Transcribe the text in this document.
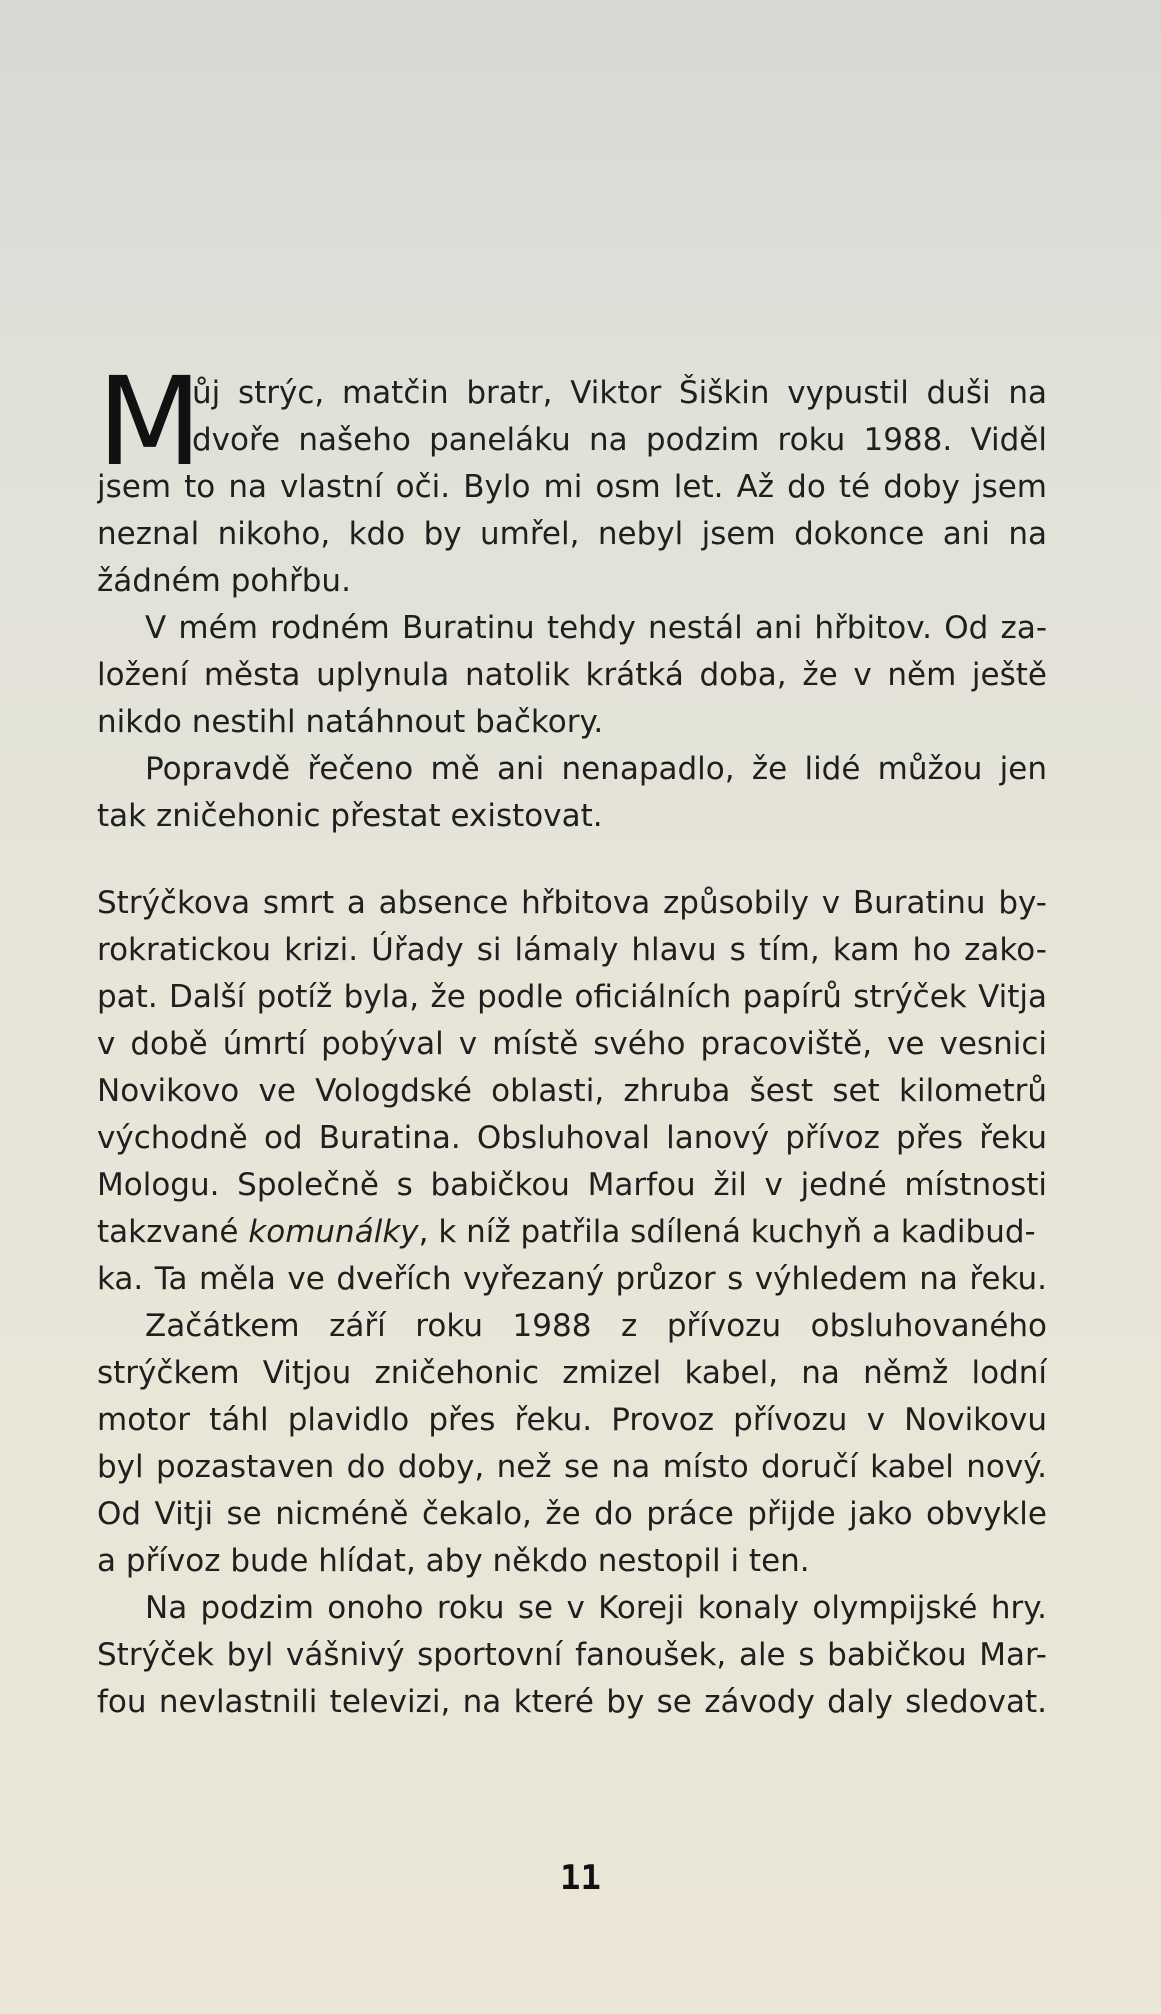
M
ůj strýc, matčin bratr, Viktor Šiškin vypustil duši na
dvoře našeho paneláku na podzim roku 1988. Viděl
jsem to na vlastní oči. Bylo mi osm let. Až do té doby jsem
neznal nikoho, kdo by umřel, nebyl jsem dokonce ani na
žádném pohřbu.
V mém rodném Buratinu tehdy nestál ani hřbitov. Od za-
ložení města uplynula natolik krátká doba, že v něm ještě
nikdo nestihl natáhnout bačkory.
Popravdě řečeno mě ani nenapadlo, že lidé můžou jen
tak zničehonic přestat existovat.
Strýčkova smrt a absence hřbitova způsobily v Buratinu by-
rokratickou krizi. Úřady si lámaly hlavu s tím, kam ho zako-
pat. Další potíž byla, že podle oficiálních papírů strýček Vitja
v době úmrtí pobýval v místě svého pracoviště, ve vesnici
Novikovo ve Vologdské oblasti, zhruba šest set kilometrů
východně od Buratina. Obsluhoval lanový přívoz přes řeku
Mologu. Společně s babičkou Marfou žil v jedné místnosti
takzvané komunálky, k níž patřila sdílená kuchyň a kadibud-
ka. Ta měla ve dveřích vyřezaný průzor s výhledem na řeku.
Začátkem září roku 1988 z přívozu obsluhovaného
strýčkem Vitjou zničehonic zmizel kabel, na němž lodní
motor táhl plavidlo přes řeku. Provoz přívozu v Novikovu
byl pozastaven do doby, než se na místo doručí kabel nový.
Od Vitji se nicméně čekalo, že do práce přijde jako obvykle
a přívoz bude hlídat, aby někdo nestopil i ten.
Na podzim onoho roku se v Koreji konaly olympijské hry.
Strýček byl vášnivý sportovní fanoušek, ale s babičkou Mar-
fou nevlastnili televizi, na které by se závody daly sledovat.
11
